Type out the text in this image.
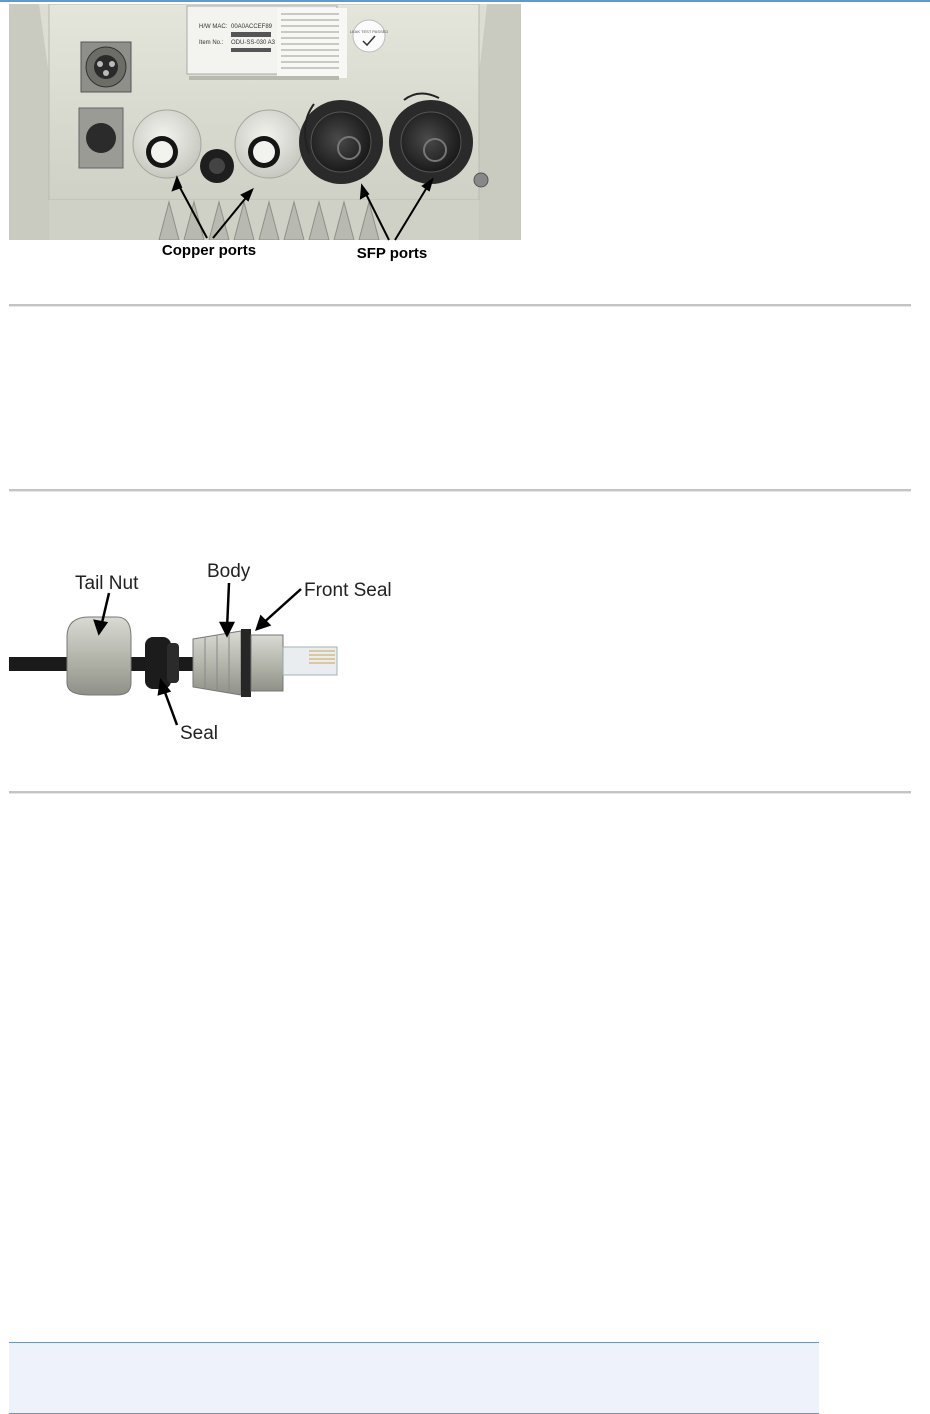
H/W MAC: 00A0ACCEF89
Item No.: ODU-SS-030 A3
LEAK TEST PASSED
Copper ports	SFP ports
Tail Nut
Body
Front Seal
Seal
